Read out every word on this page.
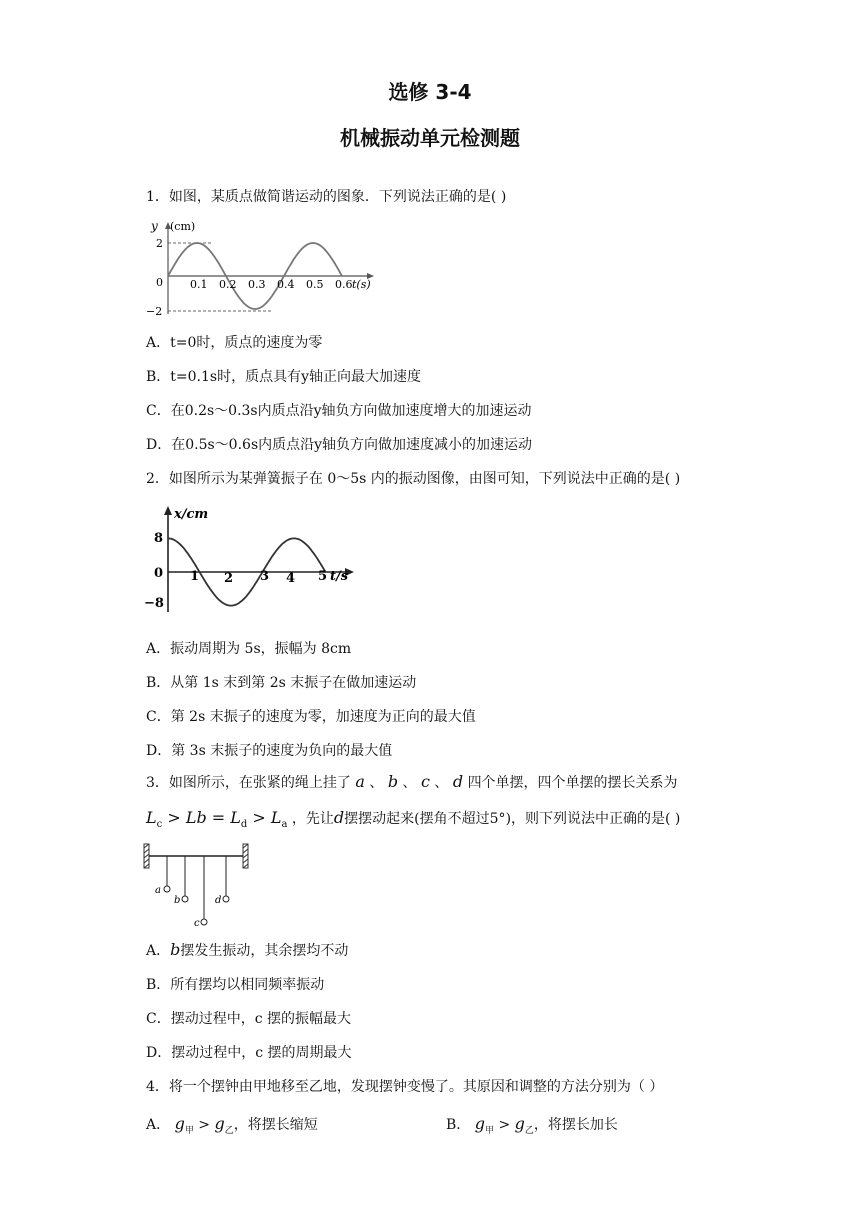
选修 3-4
机械振动单元检测题
1．如图，某质点做简谐运动的图象．下列说法正确的是( )
y (cm)
2
0
−2
0.1 0.2 0.3 0.4 0.5 0.6 t(s)
A．t=0时，质点的速度为零
B．t=0.1s时，质点具有y轴正向最大加速度
C．在0.2s～0.3s内质点沿y轴负方向做加速度增大的加速运动
D．在0.5s～0.6s内质点沿y轴负方向做加速度减小的加速运动
2．如图所示为某弹簧振子在 0～5s 内的振动图像，由图可知，下列说法中正确的是( )
x/cm
8
0
−8
1 2 3 4 5 t/s
A．振动周期为 5s，振幅为 8cm
B．从第 1s 末到第 2s 末振子在做加速运动
C．第 2s 末振子的速度为零，加速度为正向的最大值
D．第 3s 末振子的速度为负向的最大值
3．如图所示，在张紧的绳上挂了 a 、 b 、 c 、 d 四个单摆，四个单摆的摆长关系为
$L_c > Lb = L_d > L_a$ ，先让d摆摆动起来(摆角不超过5°)，则下列说法中正确的是( )
a
b
c
d
A．b摆发生振动，其余摆均不动
B．所有摆均以相同频率振动
C．摆动过程中，c 摆的振幅最大
D．摆动过程中，c 摆的周期最大
4．将一个摆钟由甲地移至乙地，发现摆钟变慢了。其原因和调整的方法分别为（ ）
A． $g_甲 > g_乙$，将摆长缩短	B． $g_甲 > g_乙$，将摆长加长
